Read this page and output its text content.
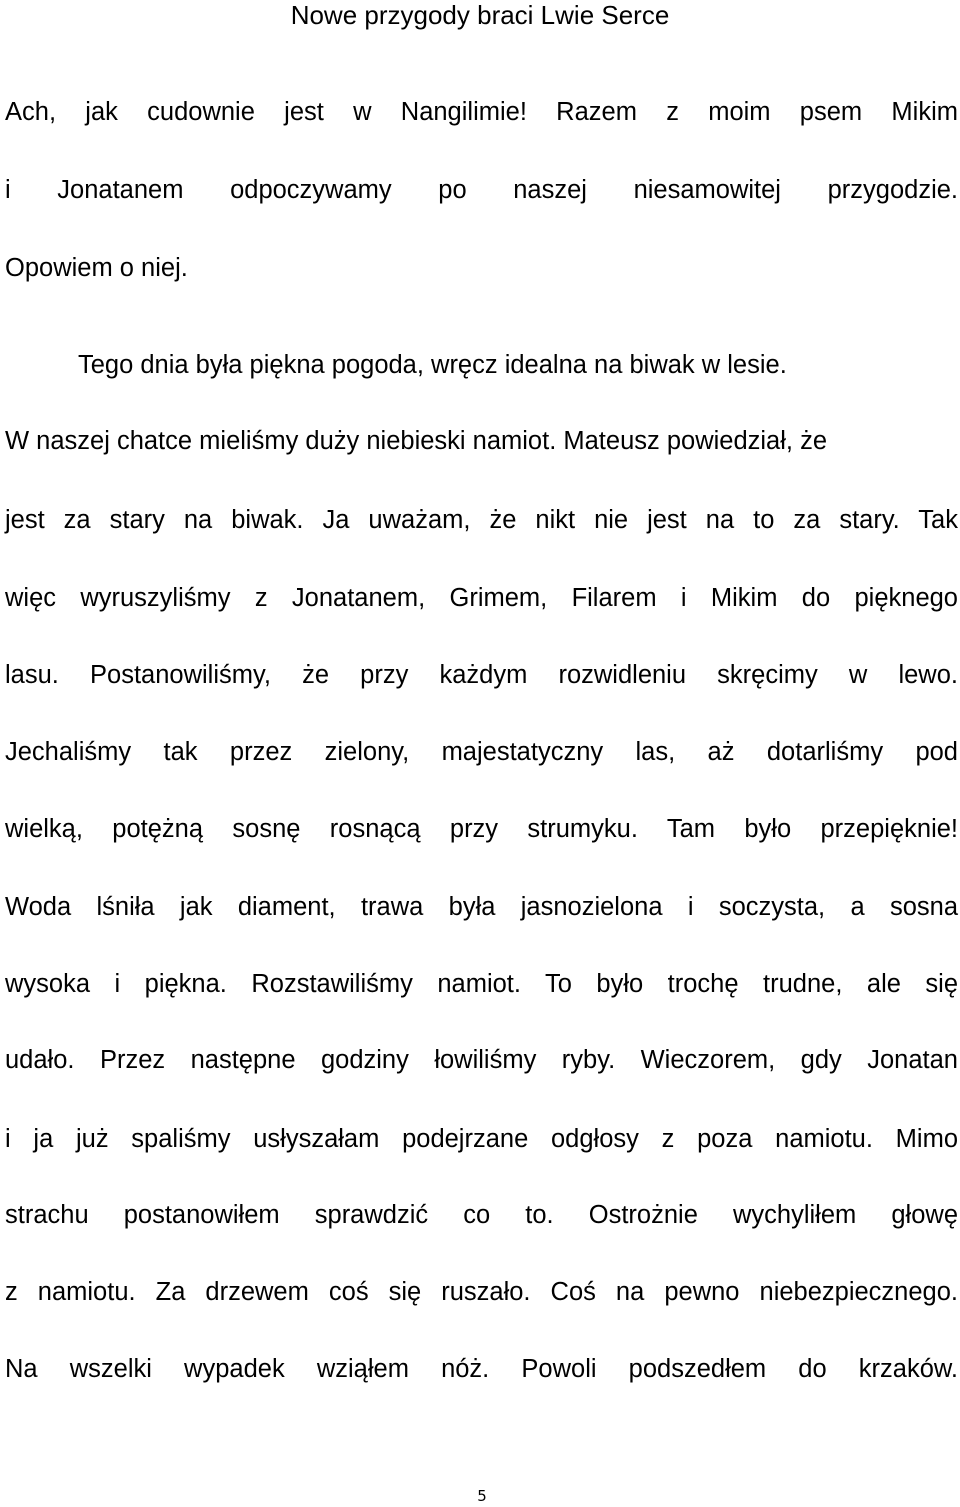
Nowe przygody braci Lwie Serce
Ach, jak cudownie jest w Nangilimie! Razem z moim psem Mikim
i Jonatanem odpoczywamy po naszej niesamowitej przygodzie.
Opowiem o niej.
Tego dnia była piękna pogoda, wręcz idealna na biwak w lesie.
W naszej chatce mieliśmy duży niebieski namiot. Mateusz powiedział, że
jest za stary na biwak. Ja uważam, że nikt nie jest na to za stary. Tak
więc wyruszyliśmy z Jonatanem, Grimem, Filarem i Mikim do pięknego
lasu. Postanowiliśmy, że przy każdym rozwidleniu skręcimy w lewo.
Jechaliśmy tak przez zielony, majestatyczny las, aż dotarliśmy pod
wielką, potężną sosnę rosnącą przy strumyku. Tam było przepięknie!
Woda lśniła jak diament, trawa była jasnozielona i soczysta, a sosna
wysoka i piękna. Rozstawiliśmy namiot. To było trochę trudne, ale się
udało. Przez następne godziny łowiliśmy ryby. Wieczorem, gdy Jonatan
i ja już spaliśmy usłyszałam podejrzane odgłosy z poza namiotu. Mimo
strachu postanowiłem sprawdzić co to. Ostrożnie wychyliłem głowę
z namiotu. Za drzewem coś się ruszało. Coś na pewno niebezpiecznego.
Na wszelki wypadek wziąłem nóż. Powoli podszedłem do krzaków.
5
